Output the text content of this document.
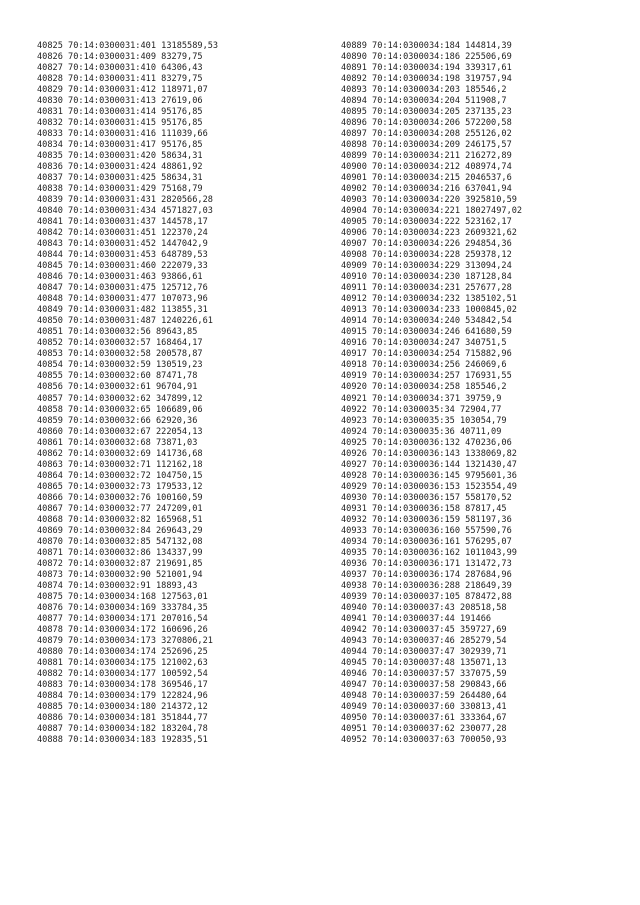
40825 70:14:0300031:401 13185589,53
40826 70:14:0300031:409 83279,75
40827 70:14:0300031:410 64306,43
40828 70:14:0300031:411 83279,75
40829 70:14:0300031:412 118971,07
40830 70:14:0300031:413 27619,06
40831 70:14:0300031:414 95176,85
40832 70:14:0300031:415 95176,85
40833 70:14:0300031:416 111039,66
40834 70:14:0300031:417 95176,85
40835 70:14:0300031:420 58634,31
40836 70:14:0300031:424 48861,92
40837 70:14:0300031:425 58634,31
40838 70:14:0300031:429 75168,79
40839 70:14:0300031:431 2820566,28
40840 70:14:0300031:434 4571827,03
40841 70:14:0300031:437 144578,17
40842 70:14:0300031:451 122370,24
40843 70:14:0300031:452 1447042,9
40844 70:14:0300031:453 648789,53
40845 70:14:0300031:460 222079,33
40846 70:14:0300031:463 93866,61
40847 70:14:0300031:475 125712,76
40848 70:14:0300031:477 107073,96
40849 70:14:0300031:482 113855,31
40850 70:14:0300031:487 1240226,61
40851 70:14:0300032:56 89643,85
40852 70:14:0300032:57 168464,17
40853 70:14:0300032:58 200578,87
40854 70:14:0300032:59 130519,23
40855 70:14:0300032:60 87471,78
40856 70:14:0300032:61 96704,91
40857 70:14:0300032:62 347899,12
40858 70:14:0300032:65 106689,06
40859 70:14:0300032:66 62920,36
40860 70:14:0300032:67 222054,13
40861 70:14:0300032:68 73871,03
40862 70:14:0300032:69 141736,68
40863 70:14:0300032:71 112162,18
40864 70:14:0300032:72 104750,15
40865 70:14:0300032:73 179533,12
40866 70:14:0300032:76 100160,59
40867 70:14:0300032:77 247209,01
40868 70:14:0300032:82 165968,51
40869 70:14:0300032:84 269643,29
40870 70:14:0300032:85 547132,08
40871 70:14:0300032:86 134337,99
40872 70:14:0300032:87 219691,85
40873 70:14:0300032:90 521001,94
40874 70:14:0300032:91 18893,43
40875 70:14:0300034:168 127563,01
40876 70:14:0300034:169 333784,35
40877 70:14:0300034:171 207016,54
40878 70:14:0300034:172 160696,26
40879 70:14:0300034:173 3270806,21
40880 70:14:0300034:174 252696,25
40881 70:14:0300034:175 121002,63
40882 70:14:0300034:177 100592,54
40883 70:14:0300034:178 369546,17
40884 70:14:0300034:179 122824,96
40885 70:14:0300034:180 214372,12
40886 70:14:0300034:181 351844,77
40887 70:14:0300034:182 183204,78
40888 70:14:0300034:183 192835,51
40889 70:14:0300034:184 144814,39
40890 70:14:0300034:186 225506,69
40891 70:14:0300034:194 339317,61
40892 70:14:0300034:198 319757,94
40893 70:14:0300034:203 185546,2
40894 70:14:0300034:204 511908,7
40895 70:14:0300034:205 237135,23
40896 70:14:0300034:206 572200,58
40897 70:14:0300034:208 255126,02
40898 70:14:0300034:209 246175,57
40899 70:14:0300034:211 216272,89
40900 70:14:0300034:212 408974,74
40901 70:14:0300034:215 2046537,6
40902 70:14:0300034:216 637041,94
40903 70:14:0300034:220 3925810,59
40904 70:14:0300034:221 18027497,02
40905 70:14:0300034:222 523162,17
40906 70:14:0300034:223 2609321,62
40907 70:14:0300034:226 294854,36
40908 70:14:0300034:228 259378,12
40909 70:14:0300034:229 313094,24
40910 70:14:0300034:230 187128,84
40911 70:14:0300034:231 257677,28
40912 70:14:0300034:232 1385102,51
40913 70:14:0300034:233 1000845,02
40914 70:14:0300034:240 534842,54
40915 70:14:0300034:246 641680,59
40916 70:14:0300034:247 340751,5
40917 70:14:0300034:254 715882,96
40918 70:14:0300034:256 246069,6
40919 70:14:0300034:257 176931,55
40920 70:14:0300034:258 185546,2
40921 70:14:0300034:371 39759,9
40922 70:14:0300035:34 72904,77
40923 70:14:0300035:35 103054,79
40924 70:14:0300035:36 40711,09
40925 70:14:0300036:132 470236,06
40926 70:14:0300036:143 1338069,82
40927 70:14:0300036:144 1321430,47
40928 70:14:0300036:145 9795601,36
40929 70:14:0300036:153 1523554,49
40930 70:14:0300036:157 558170,52
40931 70:14:0300036:158 87817,45
40932 70:14:0300036:159 581197,36
40933 70:14:0300036:160 557590,76
40934 70:14:0300036:161 576295,07
40935 70:14:0300036:162 1011043,99
40936 70:14:0300036:171 131472,73
40937 70:14:0300036:174 287684,96
40938 70:14:0300036:288 218649,39
40939 70:14:0300037:105 878472,88
40940 70:14:0300037:43 208518,58
40941 70:14:0300037:44 191466
40942 70:14:0300037:45 359727,69
40943 70:14:0300037:46 285279,54
40944 70:14:0300037:47 302939,71
40945 70:14:0300037:48 135071,13
40946 70:14:0300037:57 337075,59
40947 70:14:0300037:58 290843,66
40948 70:14:0300037:59 264480,64
40949 70:14:0300037:60 330813,41
40950 70:14:0300037:61 333364,67
40951 70:14:0300037:62 230077,28
40952 70:14:0300037:63 700050,93
